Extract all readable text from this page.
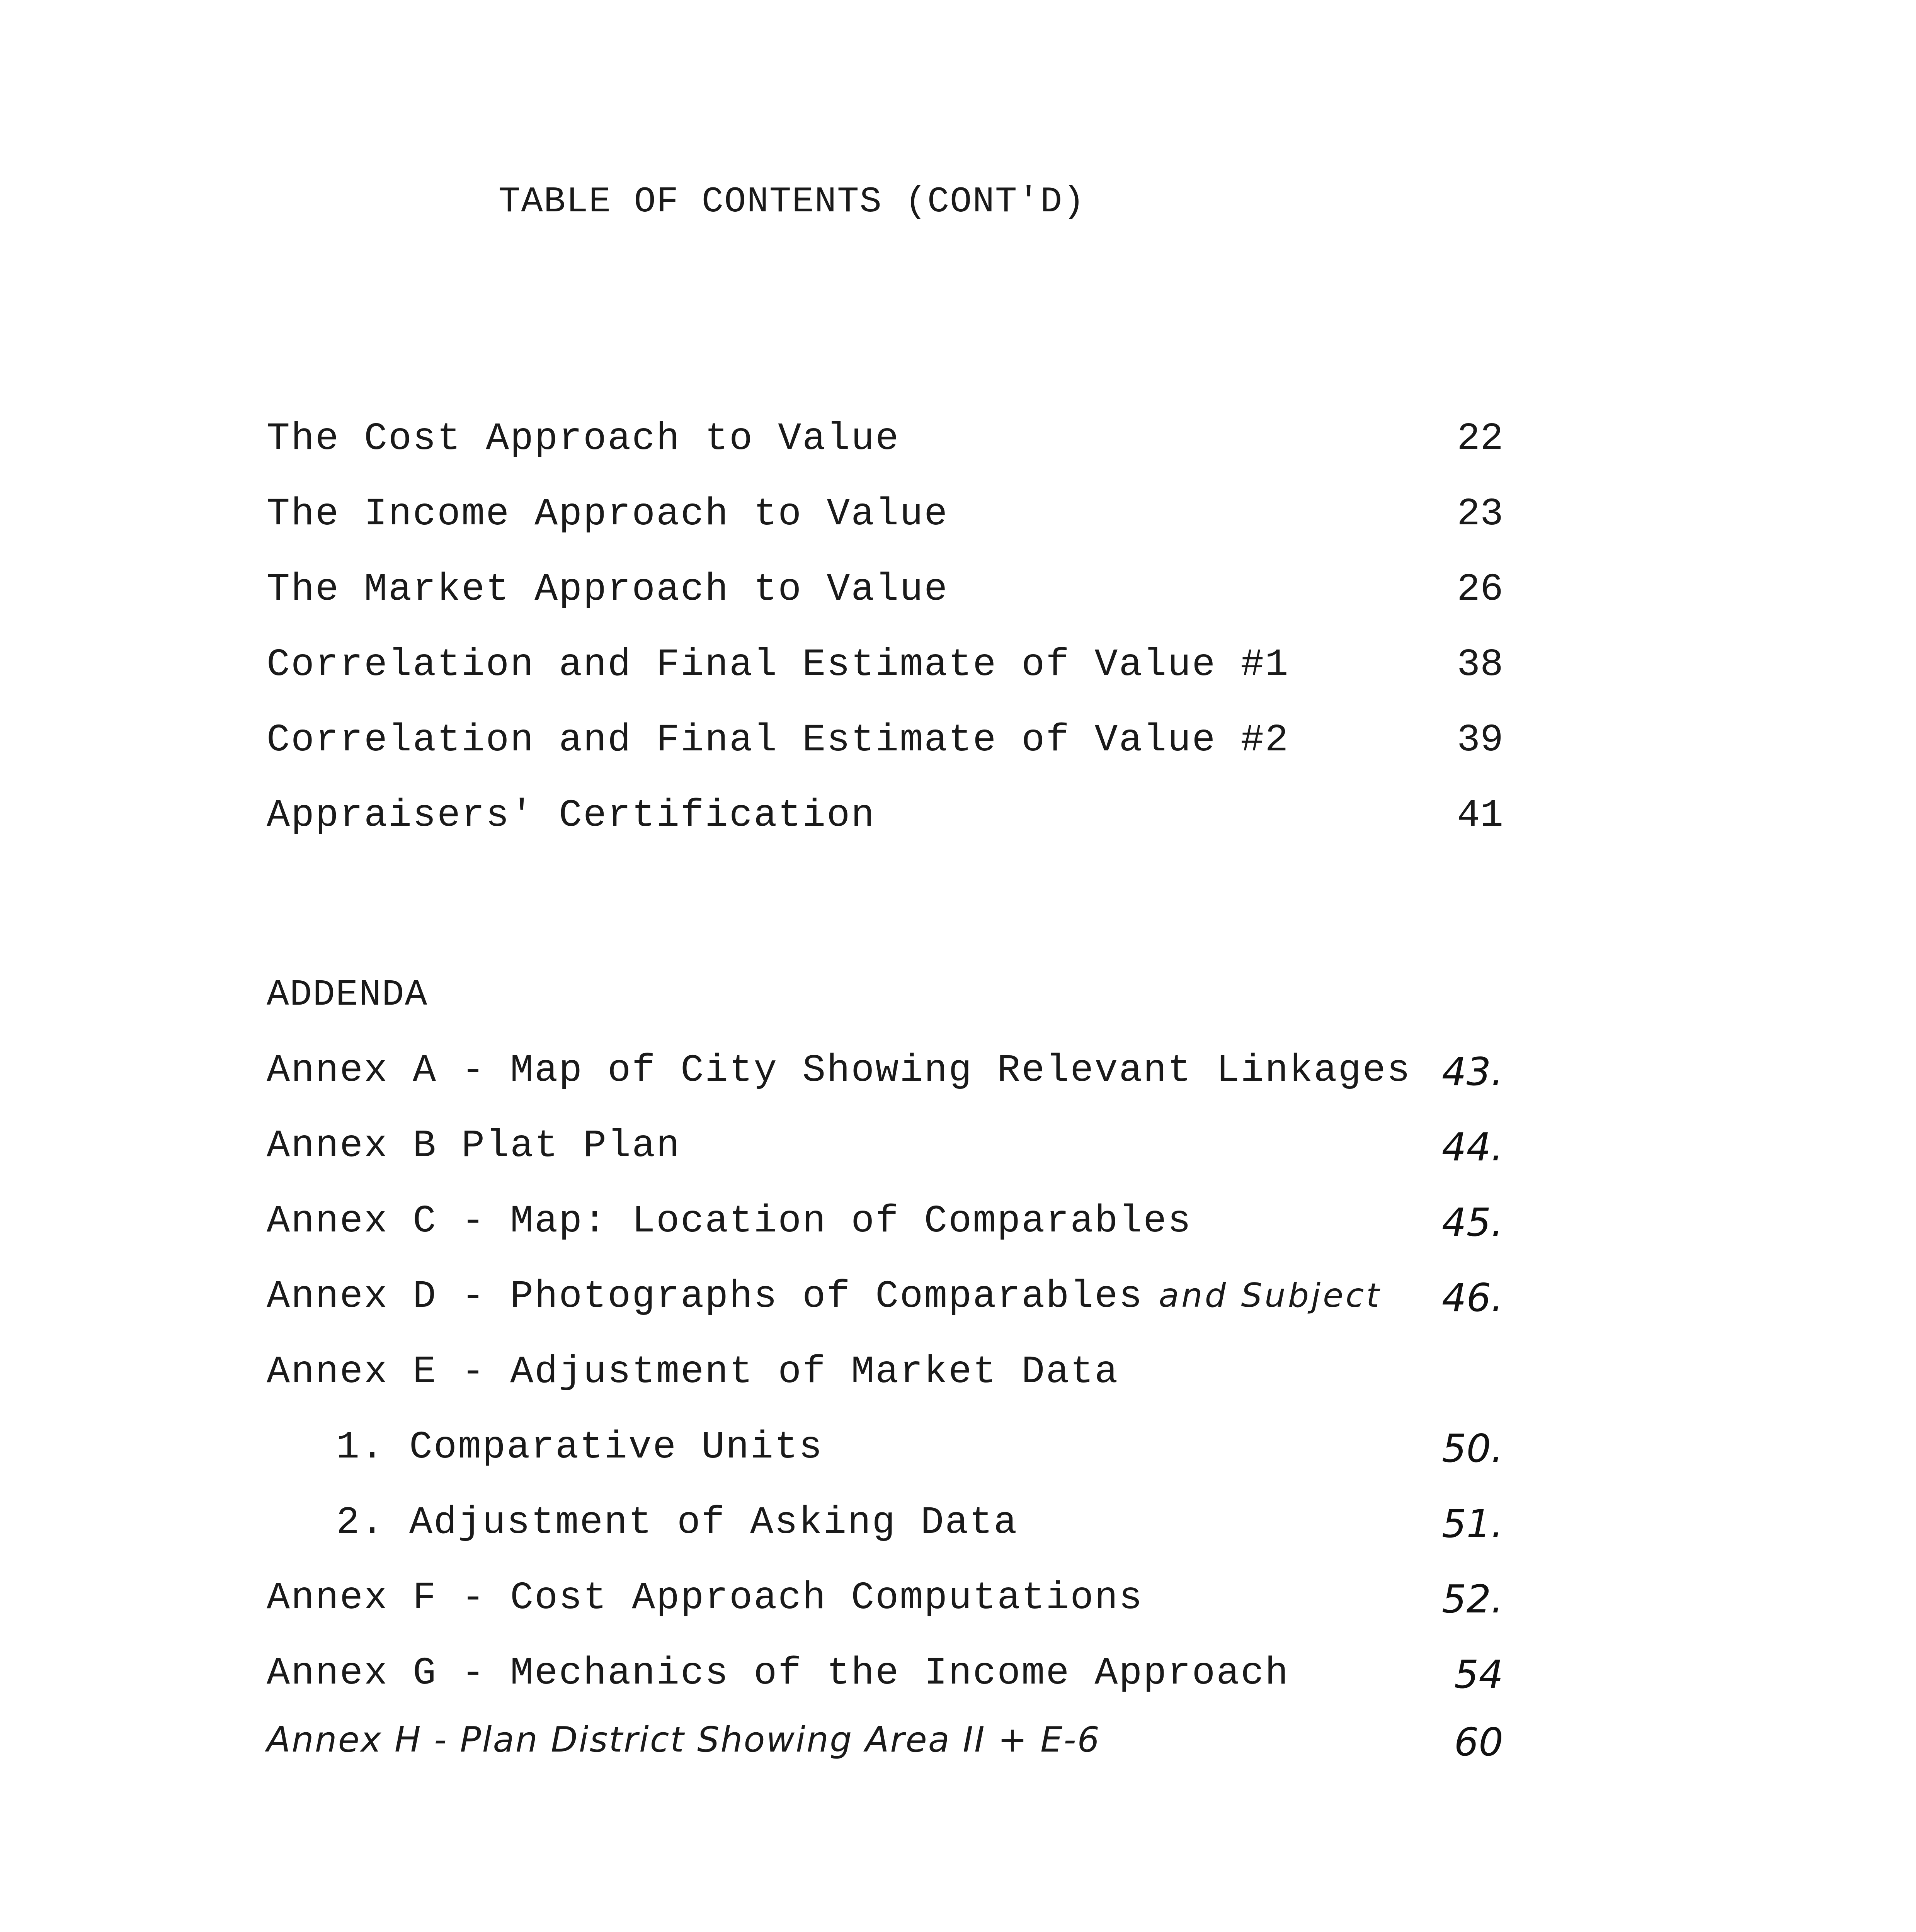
TABLE OF CONTENTS (CONT'D)
The Cost Approach to Value	22
The Income Approach to Value	23
The Market Approach to Value	26
Correlation and Final Estimate of Value #1	38
Correlation and Final Estimate of Value #2	39
Appraisers' Certification	41
ADDENDA
Annex A - Map of City Showing Relevant Linkages 43.
Annex B Plat Plan	44.
Annex C - Map: Location of Comparables	45.
Annex D - Photographs of Comparables and Subject	46.
Annex E - Adjustment of Market Data
1. Comparative Units	50.
2. Adjustment of Asking Data	51.
Annex F - Cost Approach Computations	52.
Annex G - Mechanics of the Income Approach	54
Annex H - Plan District Showing Area II + E-6	60
